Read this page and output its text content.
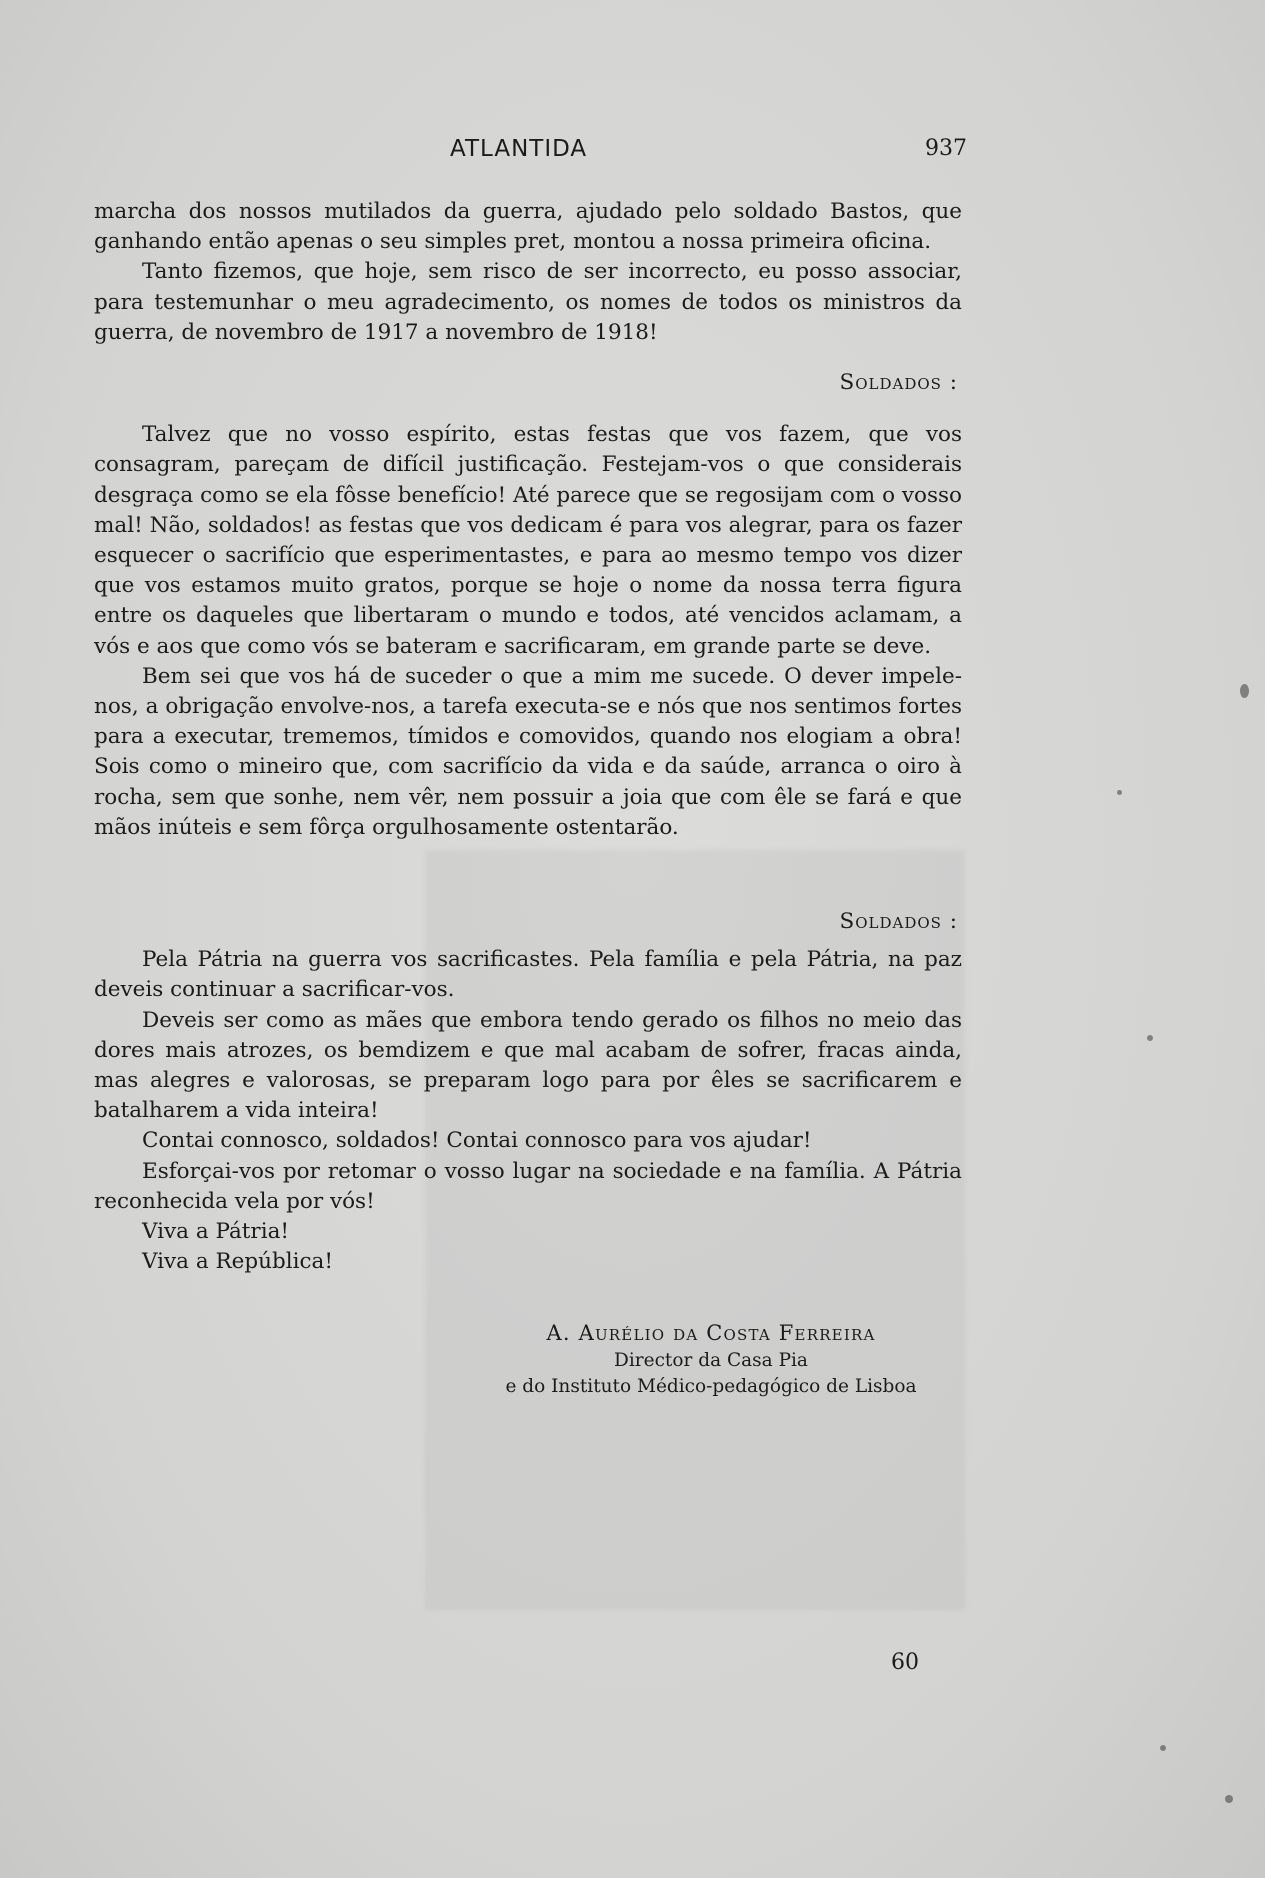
ATLANTIDA	937

marcha dos nossos mutilados da guerra, ajudado pelo soldado Bastos, que ganhando então apenas o seu simples pret, montou a nossa primeira oficina.

Tanto fizemos, que hoje, sem risco de ser incorrecto, eu posso associar, para testemunhar o meu agradecimento, os nomes de todos os ministros da guerra, de novembro de 1917 a novembro de 1918!

Soldados :

Talvez que no vosso espírito, estas festas que vos fazem, que vos consagram, pareçam de difícil justificação. Festejam-vos o que considerais desgraça como se ela fôsse benefício! Até parece que se regosijam com o vosso mal! Não, soldados! as festas que vos dedicam é para vos alegrar, para os fazer esquecer o sacrifício que esperimentastes, e para ao mesmo tempo vos dizer que vos estamos muito gratos, porque se hoje o nome da nossa terra figura entre os daqueles que libertaram o mundo e todos, até vencidos aclamam, a vós e aos que como vós se bateram e sacrificaram, em grande parte se deve.

Bem sei que vos há de suceder o que a mim me sucede. O dever impele-nos, a obrigação envolve-nos, a tarefa executa-se e nós que nos sentimos fortes para a executar, trememos, tímidos e comovidos, quando nos elogiam a obra! Sois como o mineiro que, com sacrifício da vida e da saúde, arranca o oiro à rocha, sem que sonhe, nem vêr, nem possuir a joia que com êle se fará e que mãos inúteis e sem fôrça orgulhosamente ostentarão.

Soldados :

Pela Pátria na guerra vos sacrificastes. Pela família e pela Pátria, na paz deveis continuar a sacrificar-vos.

Deveis ser como as mães que embora tendo gerado os filhos no meio das dores mais atrozes, os bemdizem e que mal acabam de sofrer, fracas ainda, mas alegres e valorosas, se preparam logo para por êles se sacrificarem e batalharem a vida inteira!

Contai connosco, soldados! Contai connosco para vos ajudar!

Esforçai-vos por retomar o vosso lugar na sociedade e na família. A Pátria reconhecida vela por vós!

Viva a Pátria!

Viva a República!

A. Aurélio da Costa Ferreira
Director da Casa Pia
e do Instituto Médico-pedagógico de Lisboa
60
